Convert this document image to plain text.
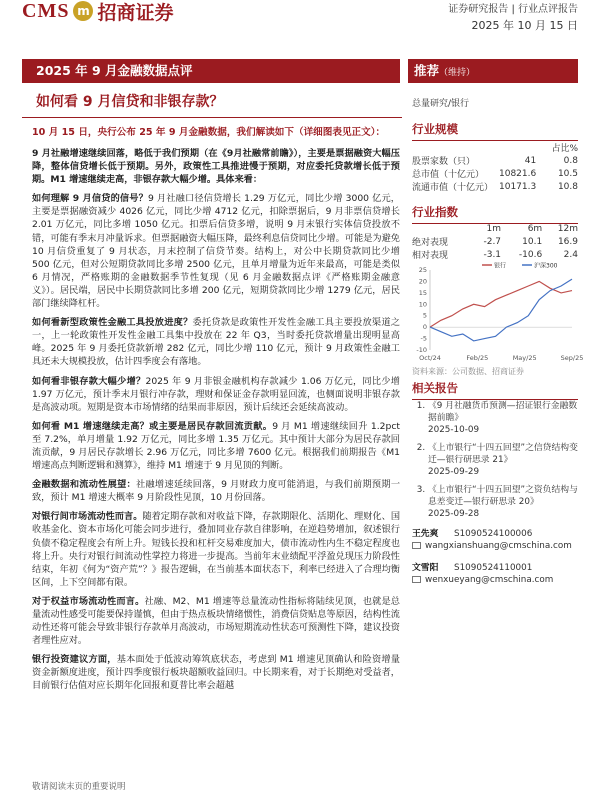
CMS m 招商证券	证券研究报告 | 行业点评报告
2025 年 10 月 15 日
2025 年 9 月金融数据点评
如何看 9 月信贷和非银存款？
10 月 15 日，央行公布 25 年 9 月金融数据，我们解读如下（详细图表见正文）：

9 月社融增速继续回落，略低于我们预期（在《9月社融常前瞻》），主要是票据融资大幅压降，整体信贷增长低于预期。另外，政策性工具推进慢于预期，对应委托贷款增长低于预期。M1 增速继续走高，非银存款大幅少增。具体来看：

如何理解 9 月信贷的信号？9 月社融口径信贷增长 1.29 万亿元，同比少增 3000 亿元，主要是票据融资减少 4026 亿元，同比少增 4712 亿元，扣除票据后，9 月非票信贷增长 2.01 万亿元，同比多增 1050 亿元。扣票后信贷多增，说明 9 月末银行实体信贷投放不错，可能有季末月冲量诉求。但票据融资大幅压降，最终利息信贷同比少增。可能是为避免 10 月信贷重复了 9 月状态，月末控制了信贷节奏。结构上，对公中长期贷款同比少增 500 亿元，但对公短期贷款同比多增 2500 亿元，且单月增量为近年来最高，可能是类似 6 月情况，严格账期的金融数据季节性复现（见 6 月金融数据点评《严格账期金融意义》）。居民端，居民中长期贷款同比多增 200 亿元，短期贷款同比少增 1279 亿元，居民部门继续降杠杆。

如何看新型政策性金融工具投放进度？委托贷款是政策性开发性金融工具主要投放渠道之一，上一轮政策性开发性金融工具集中投放在 22 年 Q3，当时委托贷款增量出现明显高峰。2025 年 9 月委托贷款新增 282 亿元，同比少增 110 亿元，预计 9 月政策性金融工具还未大规模投放，估计四季度会有落地。

如何看非银存款大幅少增？2025 年 9 月非银金融机构存款减少 1.06 万亿元，同比少增 1.97 万亿元，预计季末月银行冲存款，理财和保证金存款明显回流，也侧面说明非银存款是高波动项。短期是资本市场情绪的结果而非原因，预计后续还会延续高波动。

如何看 M1 增速继续走高？或主要是居民存款回流贡献。9 月 M1 增速继续回升 1.2pct 至 7.2%，单月增量 1.92 万亿元，同比多增 1.35 万亿元。其中预计大部分为居民存款回流贡献，9 月居民存款增长 2.96 万亿元，同比多增 7600 亿元。根据我们前期报告《M1 增速高点判断逻辑和测算》，维持 M1 增速于 9 月见顶的判断。

金融数据和流动性展望：社融增速延续回落，9 月财政力度可能消退，与我们前期预期一致，预计 M1 增速大概率 9 月阶段性见顶，10 月份回落。

对银行间市场流动性而言。随着定期存款和对收益下降，存款期限化、活期化、理财化、国收基金化、资本市场化可能会同步进行，叠加同业存款自律影响，在逆趋势增加，叙述银行负债不稳定程度会有所上升。短钱长投和杠杆交易难度加大，债市流动性内生不稳定程度也将上升。央行对银行间流动性掌控力将进一步提高。当前年末业绩配平浮盈兑现压力阶段性结束，年初《何为“资产荒”？》报告逻辑，在当前基本面状态下，利率已经进入了合理均衡区间，上下空间都有限。

对于权益市场流动性而言。社融、M2、M1 增速等总量流动性指标将陆续见顶，也就是总量流动性感受可能要保持谨慎，但由于热点板块情绪惯性，消费信贷贴息等原因，结构性流动性还将可能会导致非银行存款单月高波动，市场短期流动性状态可预测性下降，建议投资者理性应对。

银行投资建议方面，基本面处于低波动筹筑底状态，考虑到 M1 增速见顶确认和险资增量资金新额度进度，预计四季度银行板块超额收益回归。中长期来看，对于长期绝对受益者，目前银行估值对应长期年化回报和夏普比率会超越

推荐（维持）
总量研究/银行
行业规模
		占比%
股票家数（只）	41	0.8
总市值（十亿元）	10821.6	10.5
流通市值（十亿元）	10171.3	10.8
行业指数
	1m	6m	12m
绝对表现	-2.7	10.1	16.9
相对表现	-3.1	-10.6	2.4
银行	沪深300
25
20
15
10
5
0
-5
-10
Oct/24	Feb/25	May/25	Sep/25
资料来源：公司数据、招商证券
相关报告
1. 《9 月社融货币预测—招证银行金融数据前瞻》
2025-10-09
2. 《上市银行“十四五回望”之信贷结构变迁—银行研思录 21》
2025-09-29
3. 《上市银行“十四五回望”之资负结构与息差变迁—银行研思录 20》
2025-09-28
王先爽 S1090524100006
wangxianshuang@cmschina.com
文雪阳 S1090524110001
wenxueyang@cmschina.com
敬请阅读末页的重要说明
